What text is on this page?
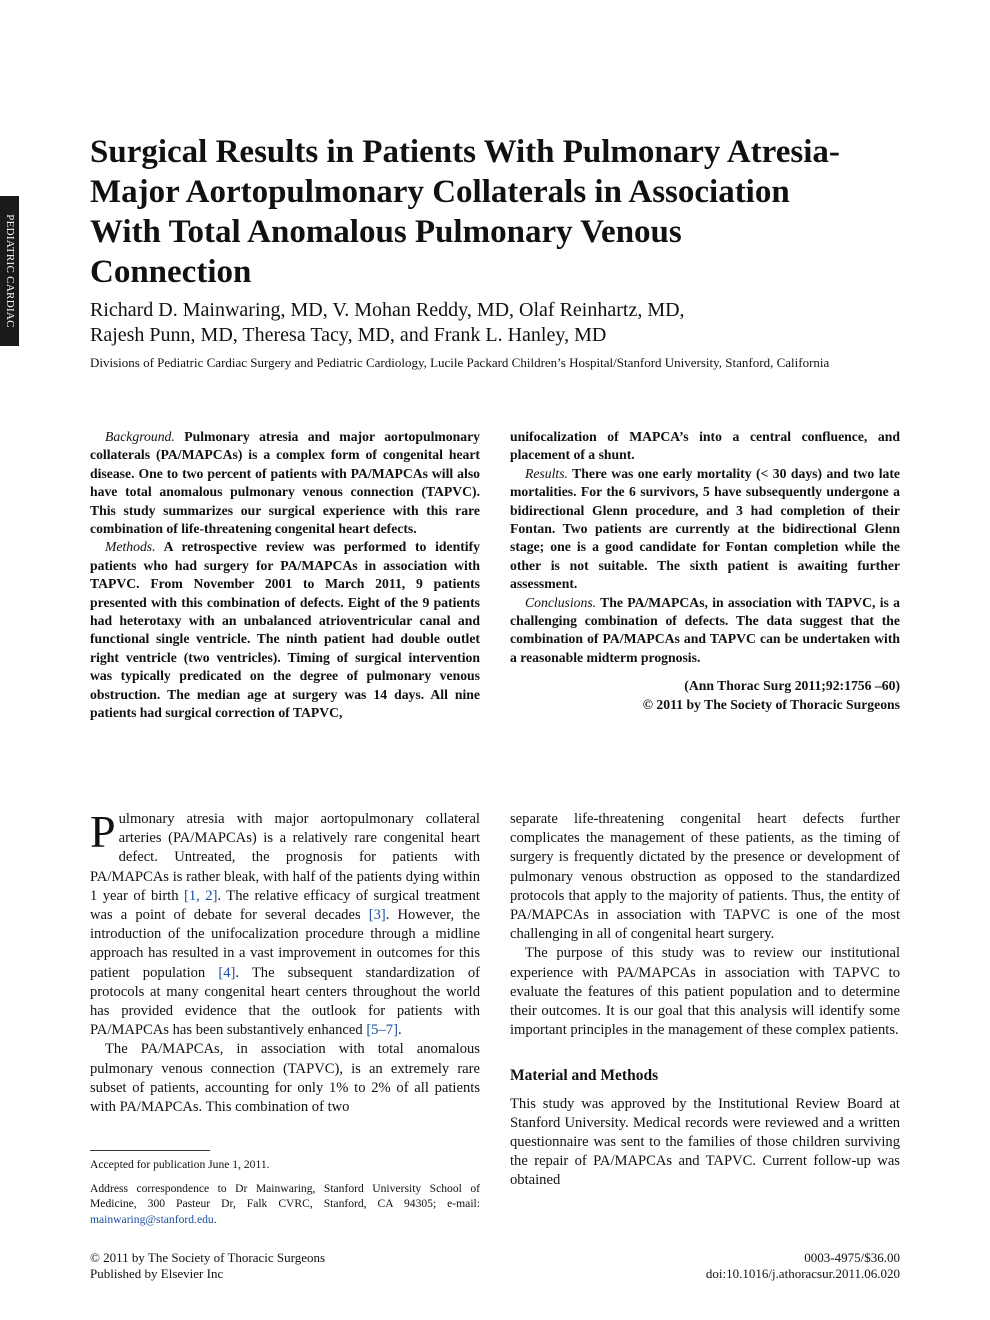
PEDIATRIC CARDIAC
Surgical Results in Patients With Pulmonary Atresia-Major Aortopulmonary Collaterals in Association With Total Anomalous Pulmonary Venous Connection
Richard D. Mainwaring, MD, V. Mohan Reddy, MD, Olaf Reinhartz, MD,
Rajesh Punn, MD, Theresa Tacy, MD, and Frank L. Hanley, MD

Divisions of Pediatric Cardiac Surgery and Pediatric Cardiology, Lucile Packard Children’s Hospital/Stanford University, Stanford, California

Background. Pulmonary atresia and major aortopulmonary collaterals (PA/MAPCAs) is a complex form of congenital heart disease. One to two percent of patients with PA/MAPCAs will also have total anomalous pulmonary venous connection (TAPVC). This study summarizes our surgical experience with this rare combination of life-threatening congenital heart defects.

Methods. A retrospective review was performed to identify patients who had surgery for PA/MAPCAs in association with TAPVC. From November 2001 to March 2011, 9 patients presented with this combination of defects. Eight of the 9 patients had heterotaxy with an unbalanced atrioventricular canal and functional single ventricle. The ninth patient had double outlet right ventricle (two ventricles). Timing of surgical intervention was typically predicated on the degree of pulmonary venous obstruction. The median age at surgery was 14 days. All nine patients had surgical correction of TAPVC,

unifocalization of MAPCA’s into a central confluence, and placement of a shunt.

Results. There was one early mortality (< 30 days) and two late mortalities. For the 6 survivors, 5 have subsequently undergone a bidirectional Glenn procedure, and 3 had completion of their Fontan. Two patients are currently at the bidirectional Glenn stage; one is a good candidate for Fontan completion while the other is not suitable. The sixth patient is awaiting further assessment.

Conclusions. The PA/MAPCAs, in association with TAPVC, is a challenging combination of defects. The data suggest that the combination of PA/MAPCAs and TAPVC can be undertaken with a reasonable midterm prognosis.

(Ann Thorac Surg 2011;92:1756 –60)
© 2011 by The Society of Thoracic Surgeons

Pulmonary atresia with major aortopulmonary collateral arteries (PA/MAPCAs) is a relatively rare congenital heart defect. Untreated, the prognosis for patients with PA/MAPCAs is rather bleak, with half of the patients dying within 1 year of birth [1, 2]. The relative efficacy of surgical treatment was a point of debate for several decades [3]. However, the introduction of the unifocalization procedure through a midline approach has resulted in a vast improvement in outcomes for this patient population [4]. The subsequent standardization of protocols at many congenital heart centers throughout the world has provided evidence that the outlook for patients with PA/MAPCAs has been substantively enhanced [5–7].

The PA/MAPCAs, in association with total anomalous pulmonary venous connection (TAPVC), is an extremely rare subset of patients, accounting for only 1% to 2% of all patients with PA/MAPCAs. This combination of two

separate life-threatening congenital heart defects further complicates the management of these patients, as the timing of surgery is frequently dictated by the presence or development of pulmonary venous obstruction as opposed to the standardized protocols that apply to the majority of patients. Thus, the entity of PA/MAPCAs in association with TAPVC is one of the most challenging in all of congenital heart surgery.

The purpose of this study was to review our institutional experience with PA/MAPCAs in association with TAPVC to evaluate the features of this patient population and to determine their outcomes. It is our goal that this analysis will identify some important principles in the management of these complex patients.

Material and Methods

This study was approved by the Institutional Review Board at Stanford University. Medical records were reviewed and a written questionnaire was sent to the families of those children surviving the repair of PA/MAPCAs and TAPVC. Current follow-up was obtained

Accepted for publication June 1, 2011.

Address correspondence to Dr Mainwaring, Stanford University School of Medicine, 300 Pasteur Dr, Falk CVRC, Stanford, CA 94305; e-mail: mainwaring@stanford.edu.

© 2011 by The Society of Thoracic Surgeons
Published by Elsevier Inc
0003-4975/$36.00
doi:10.1016/j.athoracsur.2011.06.020
